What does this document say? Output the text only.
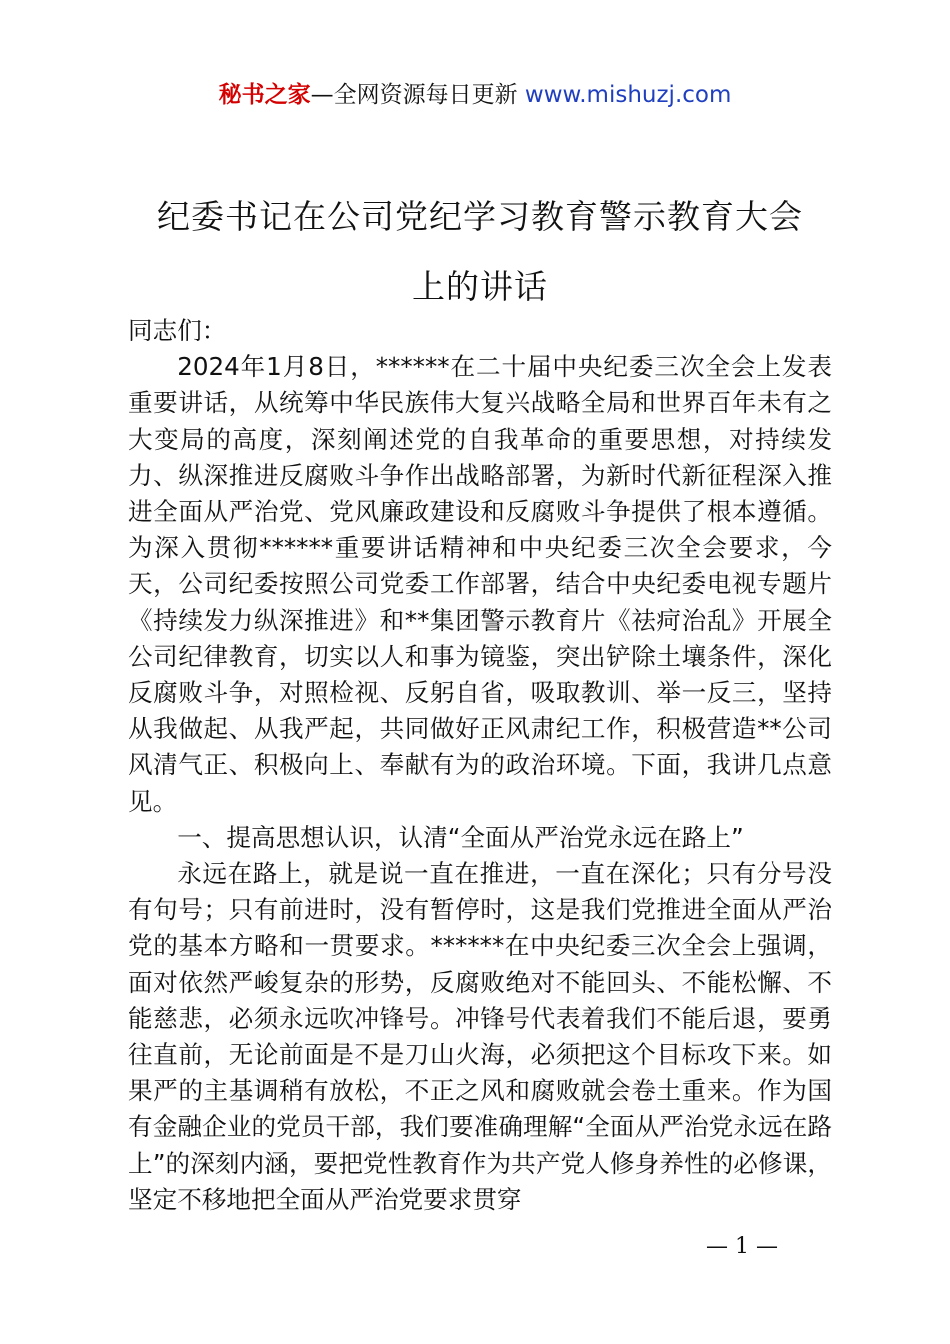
秘书之家—全网资源每日更新 www.mishuzj.com
纪委书记在公司党纪学习教育警示教育大会
上的讲话

同志们：

2024年1月8日，******在二十届中央纪委三次全会上发表重要讲话，从统筹中华民族伟大复兴战略全局和世界百年未有之大变局的高度，深刻阐述党的自我革命的重要思想，对持续发力、纵深推进反腐败斗争作出战略部署，为新时代新征程深入推进全面从严治党、党风廉政建设和反腐败斗争提供了根本遵循。为深入贯彻******重要讲话精神和中央纪委三次全会要求，今天，公司纪委按照公司党委工作部署，结合中央纪委电视专题片《持续发力纵深推进》和**集团警示教育片《祛疴治乱》开展全公司纪律教育，切实以人和事为镜鉴，突出铲除土壤条件，深化反腐败斗争，对照检视、反躬自省，吸取教训、举一反三，坚持从我做起、从我严起，共同做好正风肃纪工作，积极营造**公司风清气正、积极向上、奉献有为的政治环境。下面，我讲几点意见。

一、提高思想认识，认清“全面从严治党永远在路上”

永远在路上，就是说一直在推进，一直在深化；只有分号没有句号；只有前进时，没有暂停时，这是我们党推进全面从严治党的基本方略和一贯要求。******在中央纪委三次全会上强调，面对依然严峻复杂的形势，反腐败绝对不能回头、不能松懈、不能慈悲，必须永远吹冲锋号。冲锋号代表着我们不能后退，要勇往直前，无论前面是不是刀山火海，必须把这个目标攻下来。如果严的主基调稍有放松，不正之风和腐败就会卷土重来。作为国有金融企业的党员干部，我们要准确理解“全面从严治党永远在路上”的深刻内涵，要把党性教育作为共产党人修身养性的必修课，坚定不移地把全面从严治党要求贯穿

— 1 —
